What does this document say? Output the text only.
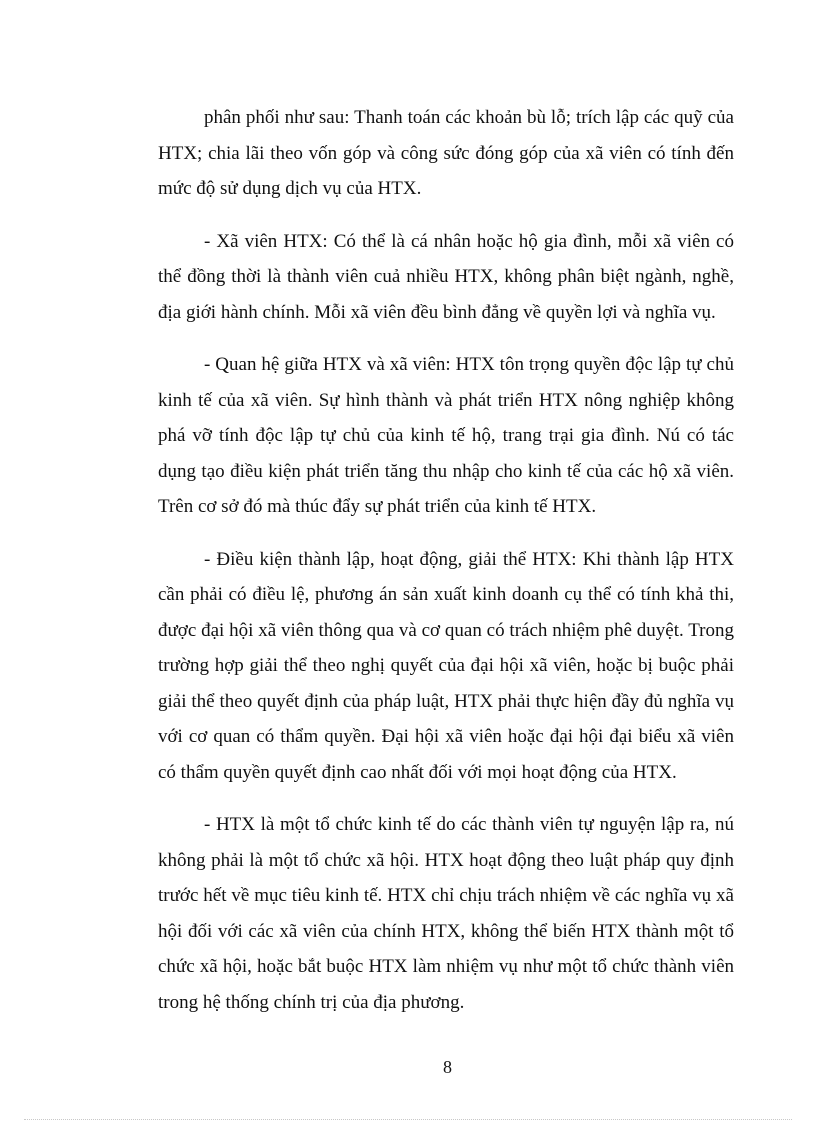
phân phối như sau: Thanh toán các khoản bù lỗ; trích lập các quỹ của HTX; chia lãi theo vốn góp và công sức đóng góp của xã viên có tính đến mức độ sử dụng dịch vụ của HTX.

- Xã viên HTX: Có thể là cá nhân hoặc hộ gia đình, mỗi xã viên có thể đồng thời là thành viên cuả nhiều HTX, không phân biệt ngành, nghề, địa giới hành chính. Mỗi xã viên đều bình đẳng về quyền lợi và nghĩa vụ.

- Quan hệ giữa HTX và xã viên: HTX tôn trọng quyền độc lập tự chủ kinh tế của xã viên. Sự hình thành và phát triển HTX nông nghiệp không phá vỡ tính độc lập tự chủ của kinh tế hộ, trang trại gia đình. Nú có tác dụng tạo điều kiện phát triển tăng thu nhập cho kinh tế của các hộ xã viên. Trên cơ sở đó mà thúc đẩy sự phát triển của kinh tế HTX.

- Điều kiện thành lập, hoạt động, giải thể HTX: Khi thành lập HTX cần phải có điều lệ, phương án sản xuất kinh doanh cụ thể có tính khả thi, được đại hội xã viên thông qua và cơ quan có trách nhiệm phê duyệt. Trong trường hợp giải thể theo nghị quyết của đại hội xã viên, hoặc bị buộc phải giải thể theo quyết định của pháp luật, HTX phải thực hiện đầy đủ nghĩa vụ với cơ quan có thẩm quyền. Đại hội xã viên hoặc đại hội đại biểu xã viên có thẩm quyền quyết định cao nhất đối với mọi hoạt động của HTX.

- HTX là một tổ chức kinh tế do các thành viên tự nguyện lập ra, nú không phải là một tổ chức xã hội. HTX hoạt động theo luật pháp quy định trước hết về mục tiêu kinh tế. HTX chỉ chịu trách nhiệm về các nghĩa vụ xã hội đối với các xã viên của chính HTX, không thể biến HTX thành một tổ chức xã hội, hoặc bắt buộc HTX làm nhiệm vụ như một tổ chức thành viên trong hệ thống chính trị của địa phương.

8
